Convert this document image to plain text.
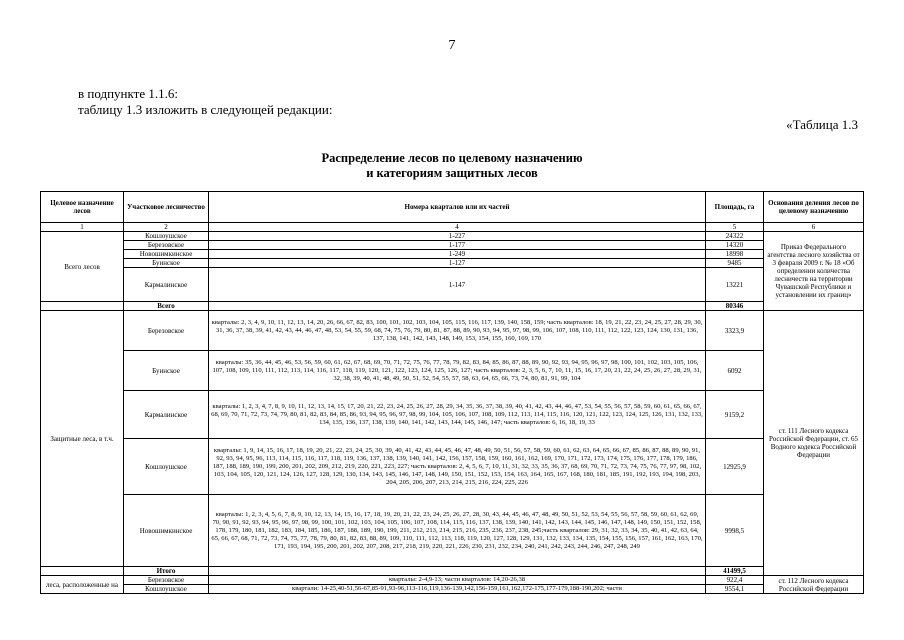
7
в подпункте 1.1.6:
таблицу 1.3 изложить в следующей редакции:
«Таблица 1.3
Распределение лесов по целевому назначению
и категориям защитных лесов
Целевое назначение лесов	Участковое лесничество	Номера кварталов или их частей	Площадь, га	Основания деления лесов по целевому назначению
1	2	4	5	6
Всего лесов	Кошлоушское	1-227	24322	Приказ Федерального агентства лесного хозяйства от 3 февраля 2009 г. № 18 «Об определении количества лесничеств на территории Чувашской Республики и установлении их границ»
	Березовское	1-177	14320	
	Новошимкинское	1-249	18998	
	Буинское	1-127	9485	
	Кармалинское	1-147	13221	
	Всего		80346	
Защитные леса, в т.ч.	Березовское	кварталы: 2, 3, 4, 9, 10, 11, 12, 13, 14, 20, 26, 66, 67, 82, 83, 100, 101, 102, 103, 104, 105, 115, 116, 117, 139, 140, 158, 159; часть кварталов: 18, 19, 21, 22, 23, 24, 25, 27, 28, 29, 30, 31, 36, 37, 38, 39, 41, 42, 43, 44, 46, 47, 48, 53, 54, 55, 59, 68, 74, 75, 76, 79, 80, 81, 87, 88, 89, 90, 93, 94, 95, 97, 98, 99, 106, 107, 108, 110, 111, 112, 122, 123, 124, 130, 131, 136, 137, 138, 141, 142, 143, 148, 149, 153, 154, 155, 160, 169, 170	3323,9	ст. 111 Лесного кодекса Российской Федерации, ст. 65 Водного кодекса Российской Федерации
	Буинское	кварталы: 35, 36, 44, 45, 46, 53, 56, 59, 60, 61, 62, 67, 68, 69, 70, 71, 72, 75, 76, 77, 78, 79, 82, 83, 84, 85, 86, 87, 88, 89, 90, 92, 93, 94, 95, 96, 97, 98, 100, 101, 102, 103, 105, 106, 107, 108, 109, 110, 111, 112, 113, 114, 116, 117, 118, 119, 120, 121, 122, 123, 124, 125, 126, 127; часть кварталов: 2, 3, 5, 6, 7, 10, 11, 15, 16, 17, 20, 21, 22, 24, 25, 26, 27, 28, 29, 31, 32, 38, 39, 40, 41, 48, 49, 50, 51, 52, 54, 55, 57, 58, 63, 64, 65, 66, 73, 74, 80, 81, 91, 99, 104	6092	
	Кармалинское	кварталы: 1, 2, 3, 4, 7, 8, 9, 10, 11, 12, 13, 14, 15, 17, 20, 21, 22, 23, 24, 25, 26, 27, 28, 29, 34, 35, 36, 37, 38, 39, 40, 41, 42, 43, 44, 46, 47, 53, 54, 55, 56, 57, 58, 59, 60, 61, 65, 66, 67, 68, 69, 70, 71, 72, 73, 74, 79, 80, 81, 82, 83, 84, 85, 86, 93, 94, 95, 96, 97, 98, 99, 104, 105, 106, 107, 108, 109, 112, 113, 114, 115, 116, 120, 121, 122, 123, 124, 125, 126, 131, 132, 133, 134, 135, 136, 137, 138, 139, 140, 141, 142, 143, 144, 145, 146, 147; часть кварталов: 6, 16, 18, 19, 33	9159,2	
	Кошлоушское	кварталы: 1, 9, 14, 15, 16, 17, 18, 19, 20, 21, 22, 23, 24, 25, 30, 39, 40, 41, 42, 43, 44, 45, 46, 47, 48, 49, 50, 51, 56, 57, 58, 59, 60, 61, 62, 63, 64, 65, 66, 67, 85, 86, 87, 88, 89, 90, 91, 92, 93, 94, 95, 96, 113, 114, 115, 116, 117, 118, 119, 136, 137, 138, 139, 140, 141, 142, 156, 157, 158, 159, 160, 161, 162, 169, 170, 171, 172, 173, 174, 175, 176, 177, 178, 179, 186, 187, 188, 189, 190, 199, 200, 201, 202, 209, 212, 219, 220, 221, 223, 227; часть кварталов: 2, 4, 5, 6, 7, 10, 11, 31, 32, 33, 35, 36, 37, 68, 69, 70, 71, 72, 73, 74, 75, 76, 77, 97, 98, 102, 103, 104, 105, 120, 121, 124, 126, 127, 128, 129, 130, 134, 143, 145, 146, 147, 148, 149, 150, 151, 152, 153, 154, 163, 164, 165, 167, 168, 180, 181, 185, 191, 192, 193, 194, 198, 203, 204, 205, 206, 207, 213, 214, 215, 216, 224, 225, 226	12925,9	
	Новошимкинское	кварталы: 1, 2, 3, 4, 5, 6, 7, 8, 9, 10, 12, 13, 14, 15, 16, 17, 18, 19, 20, 21, 22, 23, 24, 25, 26, 27, 28, 30, 43, 44, 45, 46, 47, 48, 49, 50, 51, 52, 53, 54, 55, 56, 57, 58, 59, 60, 61, 62, 69, 70, 90, 91, 92, 93, 94, 95, 96, 97, 98, 99, 100, 101, 102, 103, 104, 105, 106, 107, 108, 114, 115, 116, 137, 138, 139, 140, 141, 142, 143, 144, 145, 146, 147, 148, 149, 150, 151, 152, 158, 178, 179, 180, 181, 182, 183, 184, 185, 186, 187, 188, 189, 190, 199, 211, 212, 213, 214, 215, 216, 235, 236, 237, 238, 245;часть кварталов: 29, 31, 32, 33, 34, 35, 40, 41, 42, 63, 64, 65, 66, 67, 68, 71, 72, 73, 74, 75, 77, 78, 79, 80, 81, 82, 83, 88, 89, 109, 110, 111, 112, 113, 118, 119, 120, 127, 128, 129, 131, 132, 133, 134, 135, 154, 155, 156, 157, 161, 162, 163, 170, 171, 193, 194, 195, 200, 201, 202, 207, 208, 217, 218, 219, 220, 221, 226, 230, 231, 232, 234, 240, 241, 242, 243, 244, 246, 247, 248, 249	9998,5	
	Итого		41499,5	
леса, расположенные на	Березовское	кварталы: 2-4,9-13; части кварталов: 14,20-26,38	922,4	ст. 112 Лесного кодекса Российской Федерации
	Кошлоушское	квартали: 14-25,40-51,56-67,85-91,93-96,113-116,119,136-139,142,156-159,161,162,172-175,177-179,188-190,202; части	9554,1	
